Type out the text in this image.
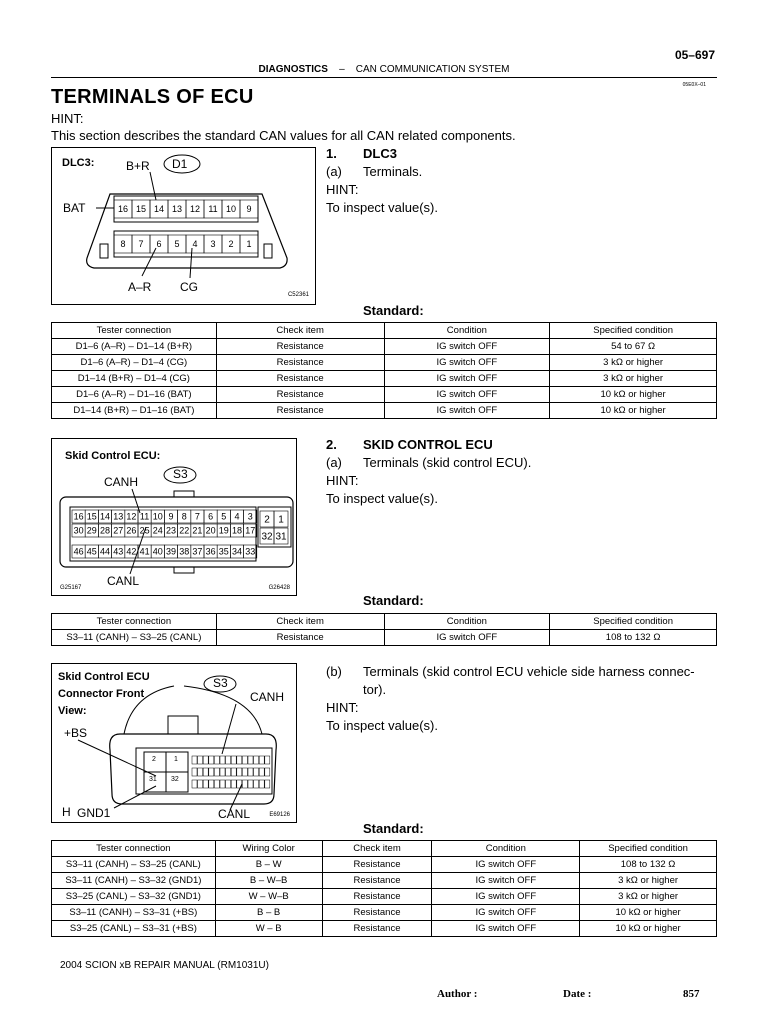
05–697
DIAGNOSTICS – CAN COMMUNICATION SYSTEM
05E0X–01
TERMINALS OF ECU
HINT:
This section describes the standard CAN values for all CAN related components.
DLC3:
16 15 14 13 12 11 10 9
8 7 6 5 4 3 2 1
D1
B+R
BAT
A–R CG
C52361
1.	DLC3
(a)	Terminals.
HINT:
To inspect value(s).
Standard:
Tester connection	Check item	Condition	Specified condition
D1–6 (A–R) – D1–14 (B+R)	Resistance	IG switch OFF	54 to 67 Ω
D1–6 (A–R) – D1–4 (CG)	Resistance	IG switch OFF	3 kΩ or higher
D1–14 (B+R) – D1–4 (CG)	Resistance	IG switch OFF	3 kΩ or higher
D1–6 (A–R) – D1–16 (BAT)	Resistance	IG switch OFF	10 kΩ or higher
D1–14 (B+R) – D1–16 (BAT)	Resistance	IG switch OFF	10 kΩ or higher
Skid Control ECU:
16 15 14 13 12 11 10 9 8 7 6 5 4 3
30 29 28 27 26 25 24 23 22 21 20 19 18 17
46 45 44 43 42 41 40 39 38 37 36 35 34 33
2 1
32 31
S3
CANH
CANL
G25167	G26428
2.	SKID CONTROL ECU
(a)	Terminals (skid control ECU).
HINT:
To inspect value(s).
Standard:
Tester connection	Check item	Condition	Specified condition
S3–11 (CANH) – S3–25 (CANL)	Resistance	IG switch OFF	108 to 132 Ω
Skid Control ECU
Connector Front
View:
S3
CANH
+BS
H GND1	CANL
2	1
31 32
E69126
(b)	Terminals (skid control ECU vehicle side harness connec-
tor).
HINT:
To inspect value(s).
Standard:
Tester connection	Wiring Color	Check item	Condition	Specified condition
S3–11 (CANH) – S3–25 (CANL)	B – W	Resistance	IG switch OFF	108 to 132 Ω
S3–11 (CANH) – S3–32 (GND1)	B – W–B	Resistance	IG switch OFF	3 kΩ or higher
S3–25 (CANL) – S3–32 (GND1)	W – W–B	Resistance	IG switch OFF	3 kΩ or higher
S3–11 (CANH) – S3–31 (+BS)	B – B	Resistance	IG switch OFF	10 kΩ or higher
S3–25 (CANL) – S3–31 (+BS)	W – B	Resistance	IG switch OFF	10 kΩ or higher
2004 SCION xB REPAIR MANUAL (RM1031U)
Author :	Date :	857
